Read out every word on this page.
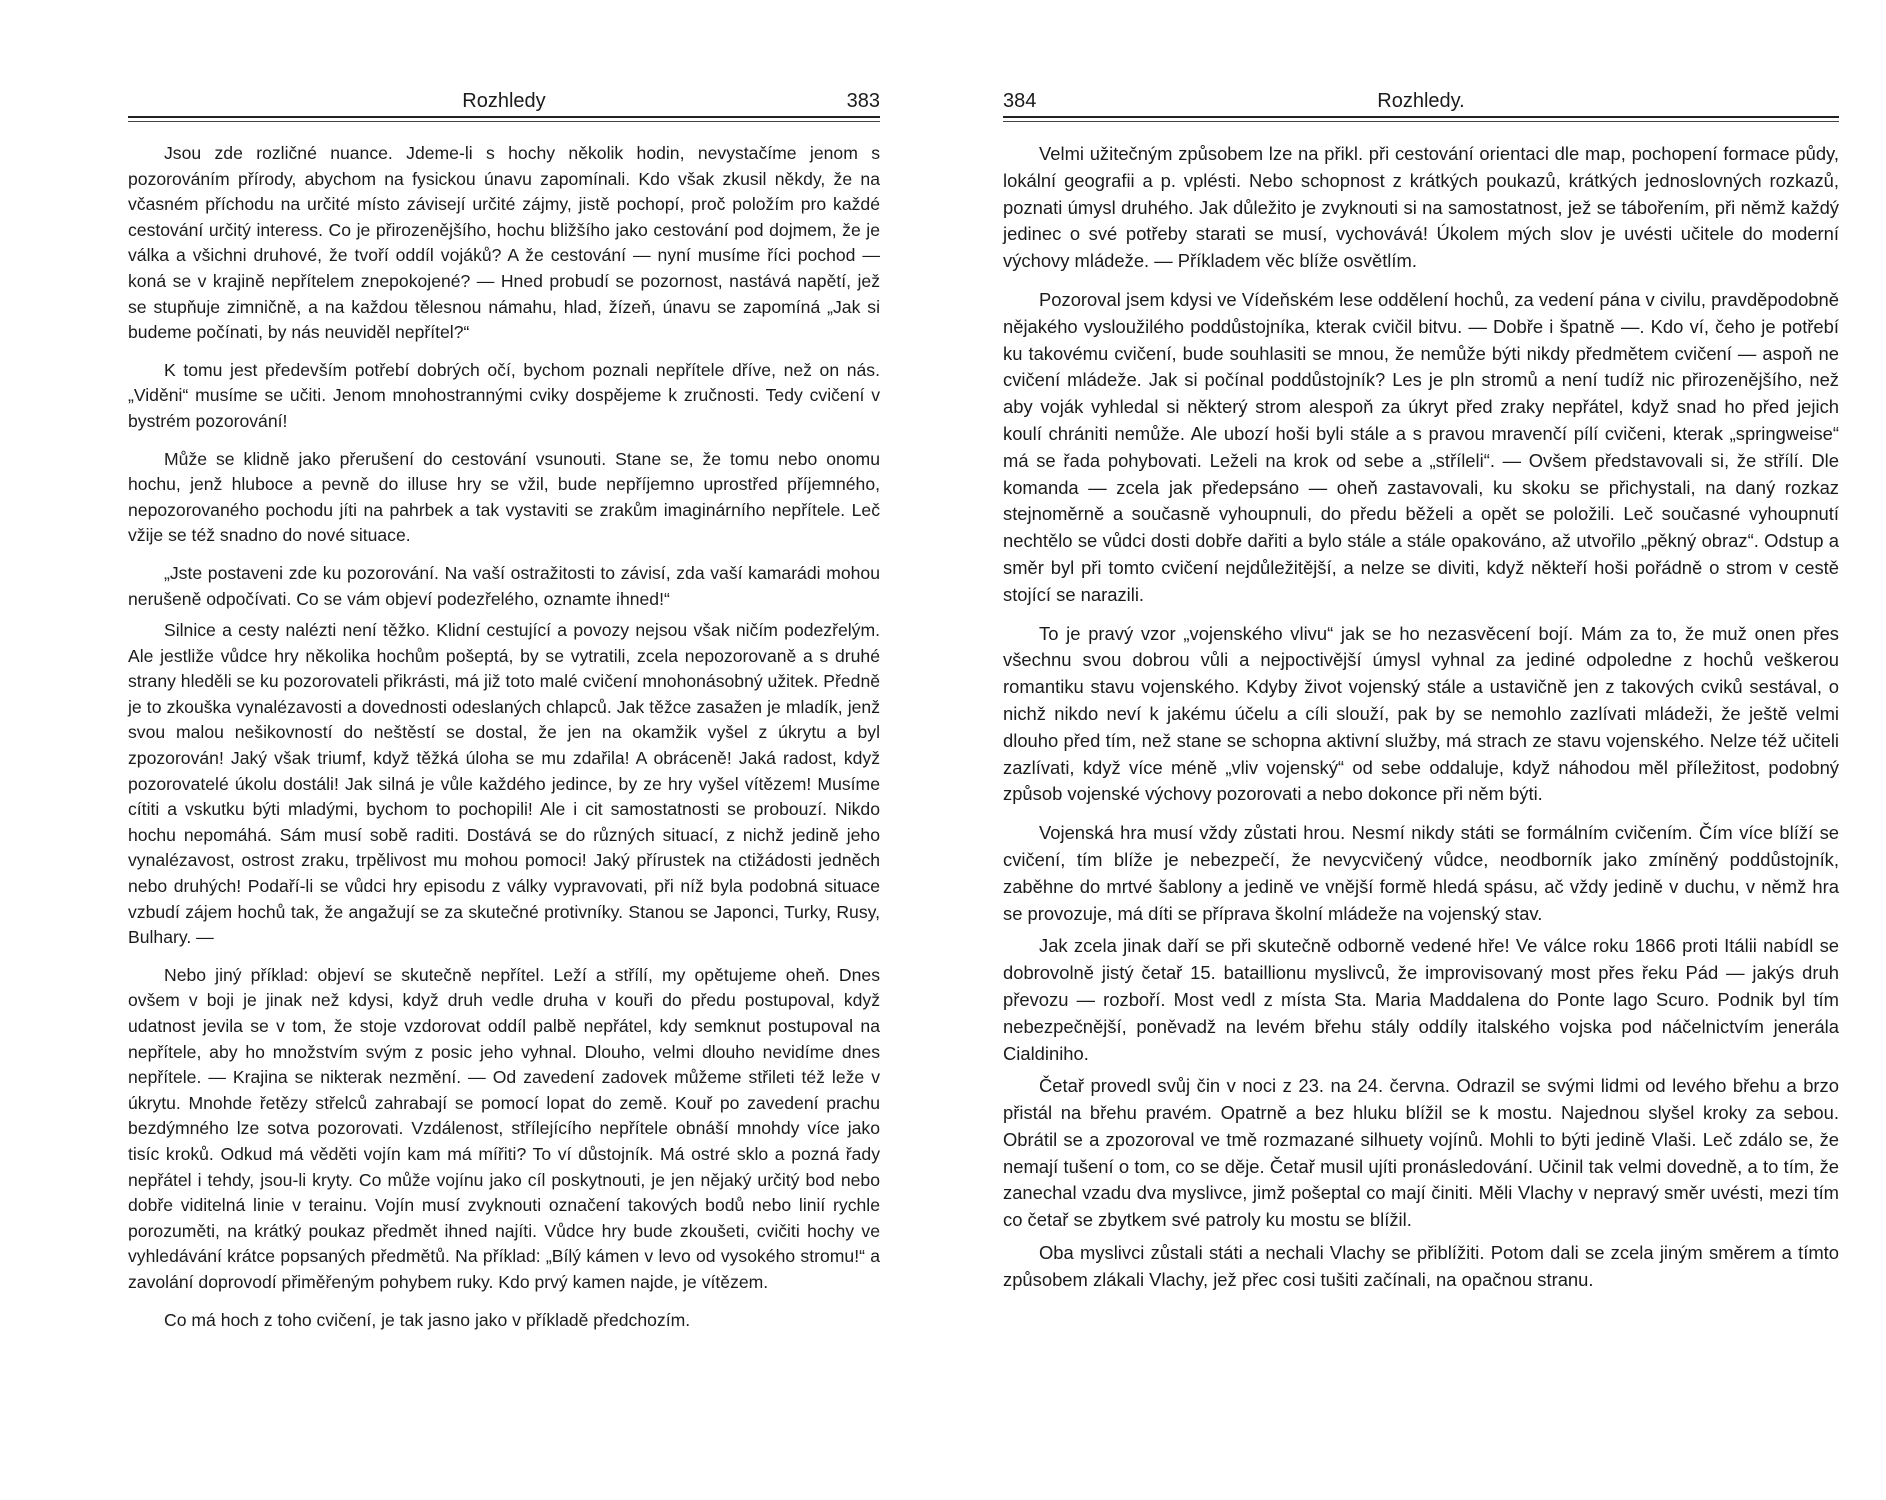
Rozhledy	383

Jsou zde rozličné nuance. Jdeme-li s hochy několik hodin, nevystačíme jenom s pozorováním přírody, abychom na fysickou únavu zapomínali. Kdo však zkusil někdy, že na včasném příchodu na určité místo závisejí určité zájmy, jistě pochopí, proč položím pro každé cestování určitý interess. Co je přirozenějšího, hochu bližšího jako cestování pod dojmem, že je válka a všichni druhové, že tvoří oddíl vojáků? A že cestování — nyní musíme říci pochod — koná se v krajině nepřítelem znepokojené? — Hned probudí se pozornost, nastává napětí, jež se stupňuje zimničně, a na každou tělesnou námahu, hlad, žízeň, únavu se zapomíná „Jak si budeme počínati, by nás neuviděl nepřítel?“

K tomu jest především potřebí dobrých očí, bychom poznali nepřítele dříve, než on nás. „Viděni“ musíme se učiti. Jenom mnohostrannými cviky dospějeme k zručnosti. Tedy cvičení v bystrém pozorování!

Může se klidně jako přerušení do cestování vsunouti. Stane se, že tomu nebo onomu hochu, jenž hluboce a pevně do illuse hry se vžil, bude nepříjemno uprostřed příjemného, nepozorovaného pochodu jíti na pahrbek a tak vystaviti se zrakům imaginárního nepřítele. Leč vžije se též snadno do nové situace.

„Jste postaveni zde ku pozorování. Na vaší ostražitosti to závisí, zda vaší kamarádi mohou nerušeně odpočívati. Co se vám objeví podezřelého, oznamte ihned!“

Silnice a cesty nalézti není těžko. Klidní cestující a povozy nejsou však ničím podezřelým. Ale jestliže vůdce hry několika hochům pošeptá, by se vytratili, zcela nepozorovaně a s druhé strany hleděli se ku pozorovateli přikrásti, má již toto malé cvičení mnohonásobný užitek. Předně je to zkouška vynalézavosti a dovednosti odeslaných chlapců. Jak těžce zasažen je mladík, jenž svou malou nešikovností do neštěstí se dostal, že jen na okamžik vyšel z úkrytu a byl zpozorován! Jaký však triumf, když těžká úloha se mu zdařila! A obráceně! Jaká radost, když pozorovatelé úkolu dostáli! Jak silná je vůle každého jedince, by ze hry vyšel vítězem! Musíme cítiti a vskutku býti mladými, bychom to pochopili! Ale i cit samostatnosti se probouzí. Nikdo hochu nepomáhá. Sám musí sobě raditi. Dostává se do různých situací, z nichž jedině jeho vynalézavost, ostrost zraku, trpělivost mu mohou pomoci! Jaký přírustek na ctižádosti jedněch nebo druhých! Podaří-li se vůdci hry episodu z války vypravovati, při níž byla podobná situace vzbudí zájem hochů tak, že angažují se za skutečné protivníky. Stanou se Japonci, Turky, Rusy, Bulhary. —

Nebo jiný příklad: objeví se skutečně nepřítel. Leží a střílí, my opětujeme oheň. Dnes ovšem v boji je jinak než kdysi, když druh vedle druha v kouři do předu postupoval, když udatnost jevila se v tom, že stoje vzdorovat oddíl palbě nepřátel, kdy semknut postupoval na nepřítele, aby ho množstvím svým z posic jeho vyhnal. Dlouho, velmi dlouho nevidíme dnes nepřítele. — Krajina se nikterak nezmění. — Od zavedení zadovek můžeme střileti též leže v úkrytu. Mnohde řetězy střelců zahrabají se pomocí lopat do země. Kouř po zavedení prachu bezdýmného lze sotva pozorovati. Vzdálenost, střílejícího nepřítele obnáší mnohdy více jako tisíc kroků. Odkud má věděti vojín kam má mířiti? To ví důstojník. Má ostré sklo a pozná řady nepřátel i tehdy, jsou-li kryty. Co může vojínu jako cíl poskytnouti, je jen nějaký určitý bod nebo dobře viditelná linie v terainu. Vojín musí zvyknouti označení takových bodů nebo linií rychle porozuměti, na krátký poukaz předmět ihned najíti. Vůdce hry bude zkoušeti, cvičiti hochy ve vyhledávání krátce popsaných předmětů. Na příklad: „Bílý kámen v levo od vysokého stromu!“ a zavolání doprovodí přiměřeným pohybem ruky. Kdo prvý kamen najde, je vítězem.

Co má hoch z toho cvičení, je tak jasno jako v příkladě předchozím.

384	Rozhledy.

Velmi užitečným způsobem lze na přikl. při cestování orientaci dle map, pochopení formace půdy, lokální geografii a p. vplésti. Nebo schopnost z krátkých poukazů, krátkých jednoslovných rozkazů, poznati úmysl druhého. Jak důležito je zvyknouti si na samostatnost, jež se tábořením, při němž každý jedinec o své potřeby starati se musí, vychovává! Úkolem mých slov je uvésti učitele do moderní výchovy mládeže. — Příkladem věc blíže osvětlím.

Pozoroval jsem kdysi ve Vídeňském lese oddělení hochů, za vedení pána v civilu, pravděpodobně nějakého vysloužilého poddůstojníka, kterak cvičil bitvu. — Dobře i špatně —. Kdo ví, čeho je potřebí ku takovému cvičení, bude souhlasiti se mnou, že nemůže býti nikdy předmětem cvičení — aspoň ne cvičení mládeže. Jak si počínal poddůstojník? Les je pln stromů a není tudíž nic přirozenějšího, než aby voják vyhledal si některý strom alespoň za úkryt před zraky nepřátel, když snad ho před jejich koulí chrániti nemůže. Ale ubozí hoši byli stále a s pravou mravenčí pílí cvičeni, kterak „springweise“ má se řada pohybovati. Leželi na krok od sebe a „stříleli“. — Ovšem představovali si, že střílí. Dle komanda — zcela jak předepsáno — oheň zastavovali, ku skoku se přichystali, na daný rozkaz stejnoměrně a současně vyhoupnuli, do předu běželi a opět se položili. Leč současné vyhoupnutí nechtělo se vůdci dosti dobře dařiti a bylo stále a stále opakováno, až utvořilo „pěkný obraz“. Odstup a směr byl při tomto cvičení nejdůležitější, a nelze se diviti, když někteří hoši pořádně o strom v cestě stojící se narazili.

To je pravý vzor „vojenského vlivu“ jak se ho nezasvěcení bojí. Mám za to, že muž onen přes všechnu svou dobrou vůli a nejpoctivější úmysl vyhnal za jediné odpoledne z hochů veškerou romantiku stavu vojenského. Kdyby život vojenský stále a ustavičně jen z takových cviků sestával, o nichž nikdo neví k jakému účelu a cíli slouží, pak by se nemohlo zazlívati mládeži, že ještě velmi dlouho před tím, než stane se schopna aktivní služby, má strach ze stavu vojenského. Nelze též učiteli zazlívati, když více méně „vliv vojenský“ od sebe oddaluje, když náhodou měl příležitost, podobný způsob vojenské výchovy pozorovati a nebo dokonce při něm býti.

Vojenská hra musí vždy zůstati hrou. Nesmí nikdy státi se formálním cvičením. Čím více blíží se cvičení, tím blíže je nebezpečí, že nevycvičený vůdce, neodborník jako zmíněný poddůstojník, zaběhne do mrtvé šablony a jedině ve vnější formě hledá spásu, ač vždy jedině v duchu, v němž hra se provozuje, má díti se příprava školní mládeže na vojenský stav.

Jak zcela jinak daří se při skutečně odborně vedené hře! Ve válce roku 1866 proti Itálii nabídl se dobrovolně jistý četař 15. bataillionu myslivců, že improvisovaný most přes řeku Pád — jakýs druh převozu — rozboří. Most vedl z místa Sta. Maria Maddalena do Ponte lago Scuro. Podnik byl tím nebezpečnější, poněvadž na levém břehu stály oddíly italského vojska pod náčelnictvím jenerála Cialdiniho.

Četař provedl svůj čin v noci z 23. na 24. června. Odrazil se svými lidmi od levého břehu a brzo přistál na břehu pravém. Opatrně a bez hluku blížil se k mostu. Najednou slyšel kroky za sebou. Obrátil se a zpozoroval ve tmě rozmazané silhuety vojínů. Mohli to býti jedině Vlaši. Leč zdálo se, že nemají tušení o tom, co se děje. Četař musil ujíti pronásledování. Učinil tak velmi dovedně, a to tím, že zanechal vzadu dva myslivce, jimž pošeptal co mají činiti. Měli Vlachy v nepravý směr uvésti, mezi tím co četař se zbytkem své patroly ku mostu se blížil.

Oba myslivci zůstali státi a nechali Vlachy se přiblížiti. Potom dali se zcela jiným směrem a tímto způsobem zlákali Vlachy, jež přec cosi tušiti začínali, na opačnou stranu.
